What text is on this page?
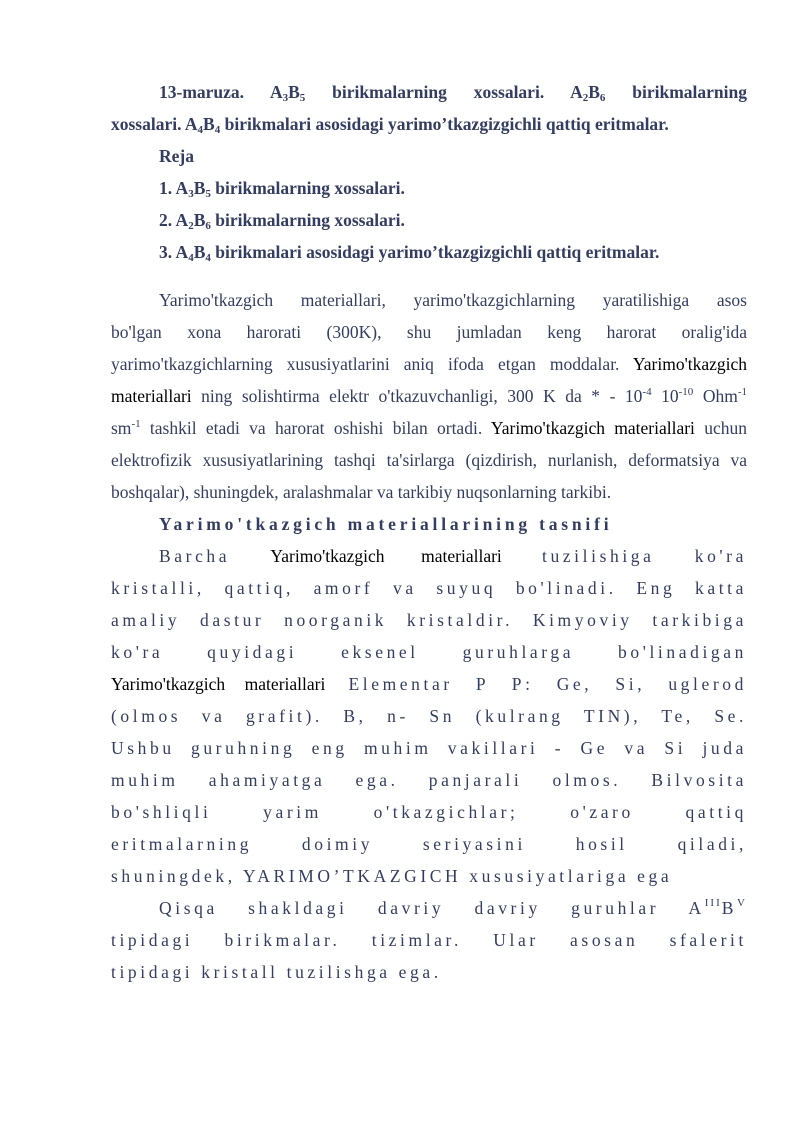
13-maruza. $A_3B_5$ birikmalarning xossalari. $A_2B_6$ birikmalarning
xossalari. $A_4B_4$ birikmalari asosidagi yarimo’tkazgizgichli qattiq eritmalar.
Reja
1. $A_3B_5$ birikmalarning xossalari.
2. $A_2B_6$ birikmalarning xossalari.
3. $A_4B_4$ birikmalari asosidagi yarimo’tkazgizgichli qattiq eritmalar.
Yarimo'tkazgich materiallari, yarimo'tkazgichlarning yaratilishiga asos
bo'lgan xona harorati (300K), shu jumladan keng harorat oralig'ida
yarimo'tkazgichlarning xususiyatlarini aniq ifoda etgan moddalar. Yarimo'tkazgich
materiallari ning solishtirma elektr o'tkazuvchanligi, 300 K da * - $10^{-4}$ $10^{-10}$ Ohm$^{-1}$
$sm^{-1}$ tashkil etadi va harorat oshishi bilan ortadi. Yarimo'tkazgich materiallari uchun
elektrofizik xususiyatlarining tashqi ta'sirlarga (qizdirish, nurlanish, deformatsiya va
boshqalar), shuningdek, aralashmalar va tarkibiy nuqsonlarning tarkibi.
Yarimo'tkazgich materiallarining tasnifi
Barcha Yarimo'tkazgich materiallari tuzilishiga ko'ra
kristalli, qattiq, amorf va suyuq bo'linadi. Eng katta
amaliy dastur noorganik kristaldir. Kimyoviy tarkibiga
ko'ra quyidagi eksenel guruhlarga bo'linadigan
Yarimo'tkazgich materiallari Elementar P P: Ge, Si, uglerod
(olmos va grafit). B, n- Sn (kulrang TIN), Te, Se.
Ushbu guruhning eng muhim vakillari - Ge va Si juda
muhim ahamiyatga ega. panjarali olmos. Bilvosita
bo'shliqli yarim o'tkazgichlar; o'zaro qattiq
eritmalarning doimiy seriyasini hosil qiladi,
shuningdek, YARIMO’TKAZGICH xususiyatlariga ega
Qisqa shakldagi davriy davriy guruhlar $A^{III}B^V$
tipidagi birikmalar. tizimlar. Ular asosan sfalerit
tipidagi kristall tuzilishga ega.
